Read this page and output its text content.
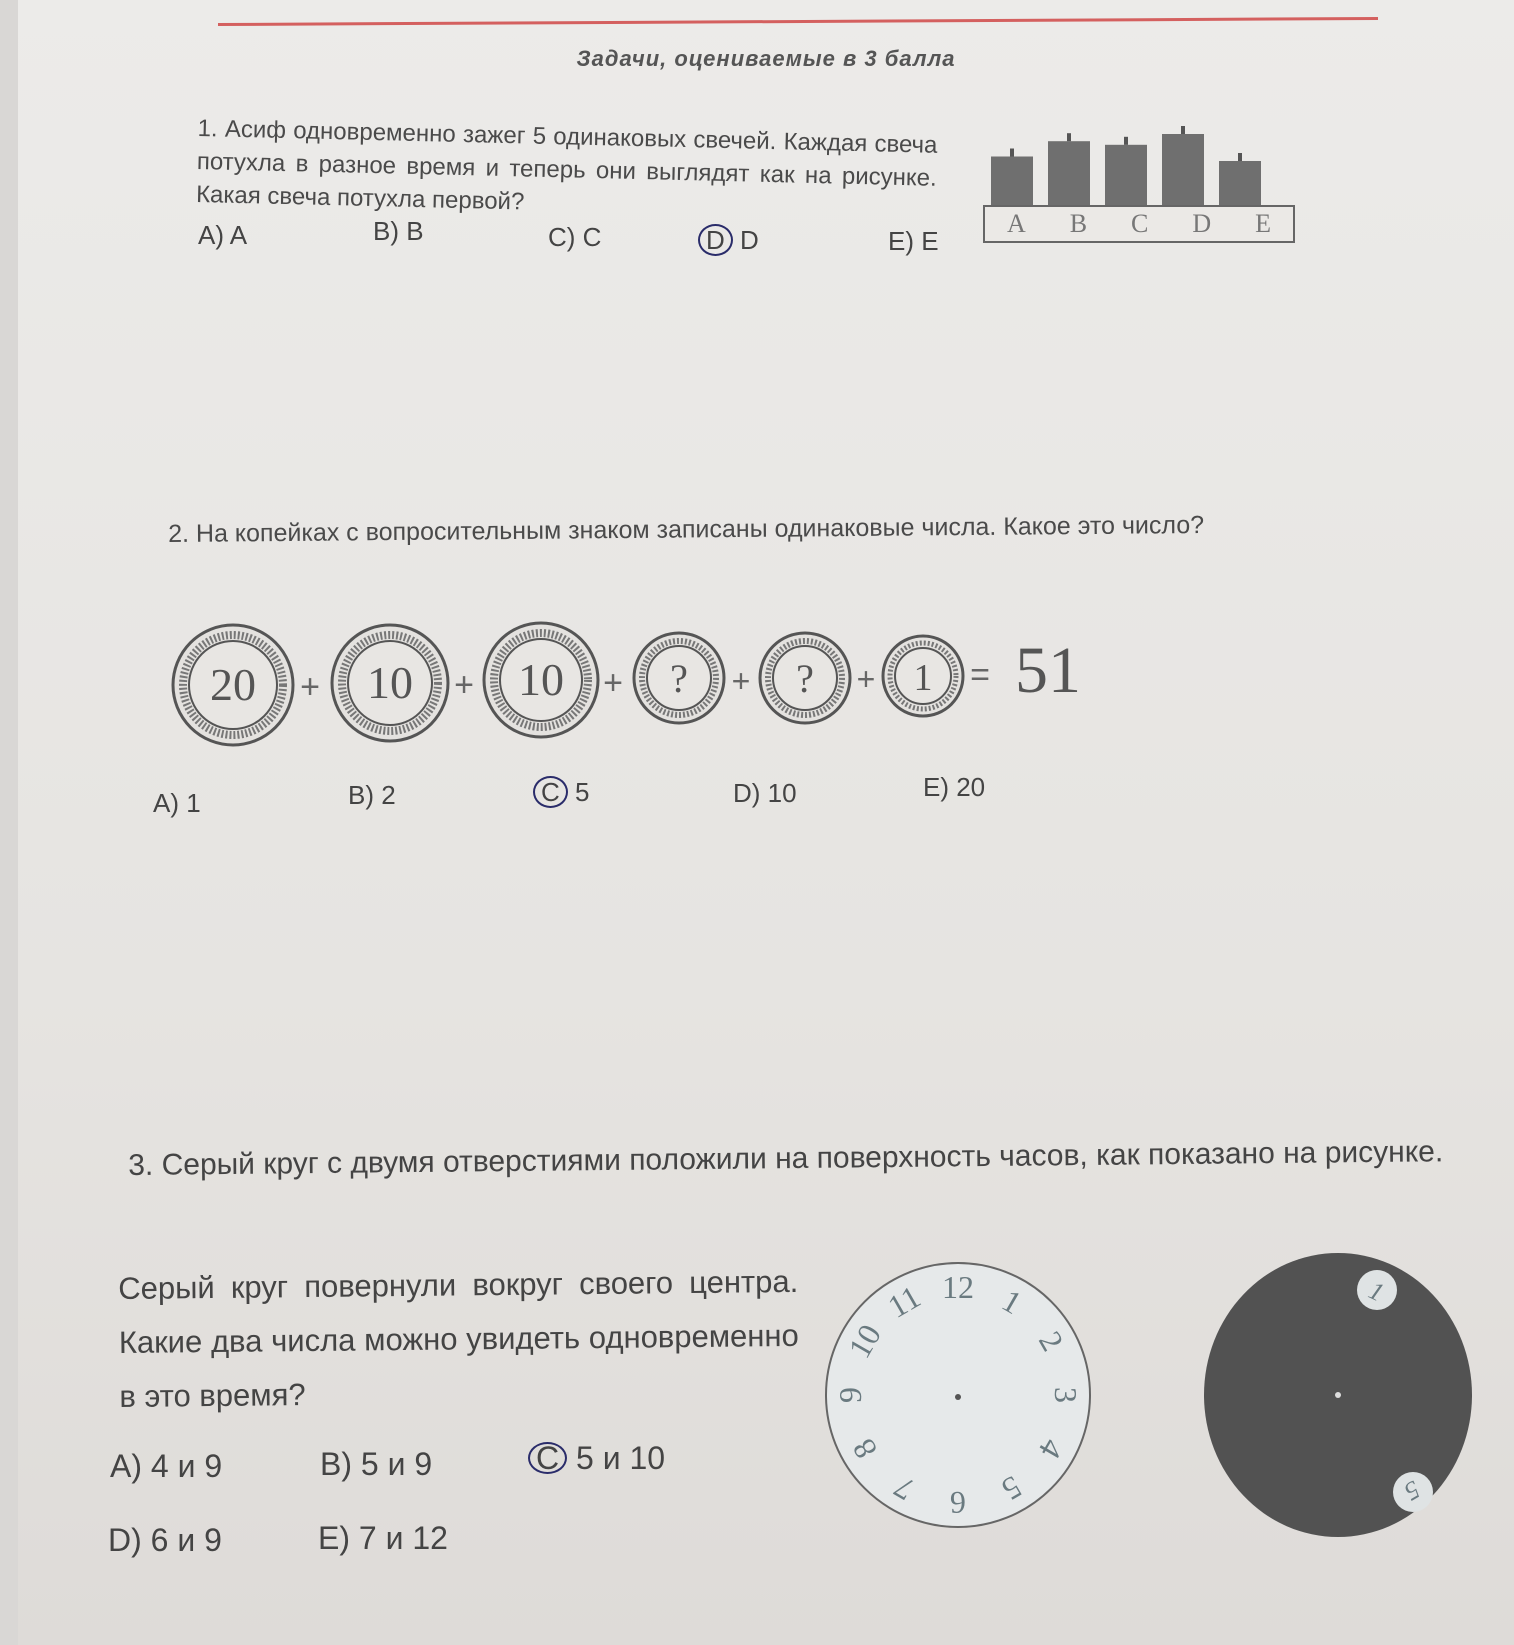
Задачи, оцениваемые в 3 балла
1. Асиф одновременно зажег 5 одинаковых свечей. Каждая свеча потухла в разное время и теперь они выглядят как на рисунке. Какая свеча потухла первой?
A) A	B) B	C) C	D D	E) E
A B C D E
2. На копейках с вопросительным знаком записаны одинаковые числа. Какое это число?
20 + 10 + 10 + ? + ? + 1 = 51
A) 1	B) 2	C 5	D) 10	E) 20
3. Серый круг с двумя отверстиями положили на поверхность часов, как показано на рисунке.
Серый круг повернули вокруг своего центра. Какие два числа можно увидеть одновременно в это время?
A) 4 и 9	B) 5 и 9	C 5 и 10
D) 6 и 9	E) 7 и 12
12 1
2
3
4
5
6
7
8
9
10
11	1
5
